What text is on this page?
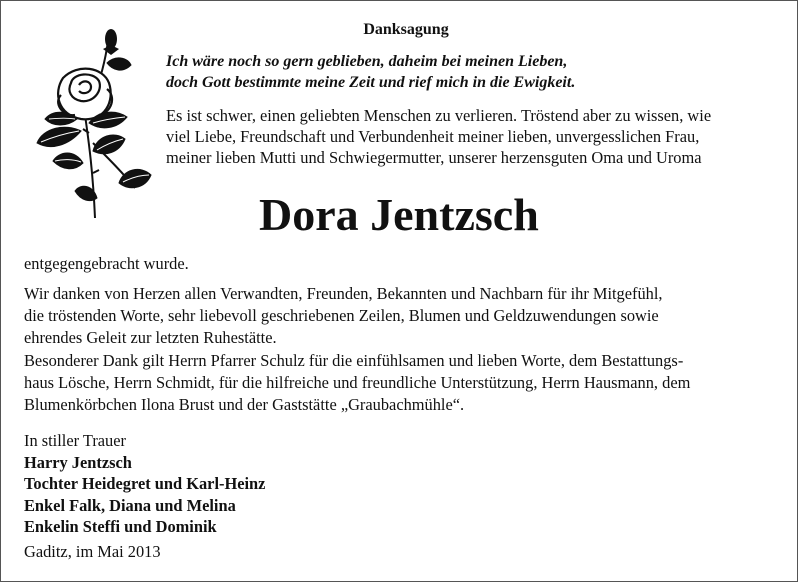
Danksagung
Ich wäre noch so gern geblieben, daheim bei meinen Lieben,
doch Gott bestimmte meine Zeit und rief mich in die Ewigkeit.
Es ist schwer, einen geliebten Menschen zu verlieren. Tröstend aber zu wissen, wie
viel Liebe, Freundschaft und Verbundenheit meiner lieben, unvergesslichen Frau,
meiner lieben Mutti und Schwiegermutter, unserer herzensguten Oma und Uroma
Dora Jentzsch
entgegengebracht wurde.
Wir danken von Herzen allen Verwandten, Freunden, Bekannten und Nachbarn für ihr Mitgefühl,
die tröstenden Worte, sehr liebevoll geschriebenen Zeilen, Blumen und Geldzuwendungen sowie
ehrendes Geleit zur letzten Ruhestätte.
Besonderer Dank gilt Herrn Pfarrer Schulz für die einfühlsamen und lieben Worte, dem Bestattungs-
haus Lösche, Herrn Schmidt, für die hilfreiche und freundliche Unterstützung, Herrn Hausmann, dem
Blumenkörbchen Ilona Brust und der Gaststätte „Graubachmühle“.
In stiller Trauer
Harry Jentzsch
Tochter Heidegret und Karl-Heinz
Enkel Falk, Diana und Melina
Enkelin Steffi und Dominik
Gaditz, im Mai 2013
